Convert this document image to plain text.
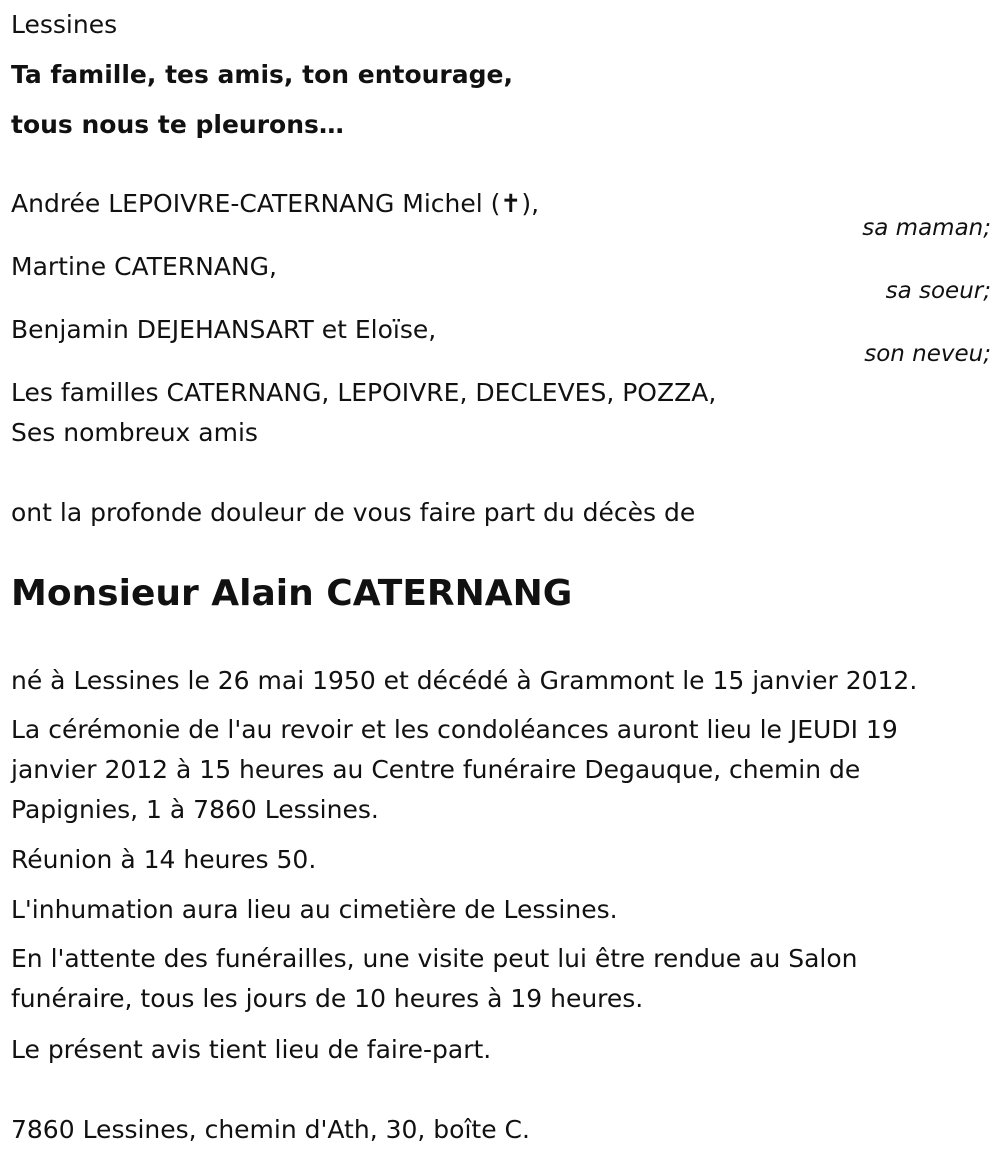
Lessines
Ta famille, tes amis, ton entourage,
tous nous te pleurons…
Andrée LEPOIVRE-CATERNANG Michel (✝),
sa maman;
Martine CATERNANG,
sa soeur;
Benjamin DEJEHANSART et Eloïse,
son neveu;
Les familles CATERNANG, LEPOIVRE, DECLEVES, POZZA,
Ses nombreux amis
ont la profonde douleur de vous faire part du décès de
Monsieur Alain CATERNANG
né à Lessines le 26 mai 1950 et décédé à Grammont le 15 janvier 2012.
La cérémonie de l'au revoir et les condoléances auront lieu le JEUDI 19 janvier 2012 à 15 heures au Centre funéraire Degauque, chemin de Papignies, 1 à 7860 Lessines.
Réunion à 14 heures 50.
L'inhumation aura lieu au cimetière de Lessines.
En l'attente des funérailles, une visite peut lui être rendue au Salon funéraire, tous les jours de 10 heures à 19 heures.
Le présent avis tient lieu de faire-part.
7860 Lessines, chemin d'Ath, 30, boîte C.
